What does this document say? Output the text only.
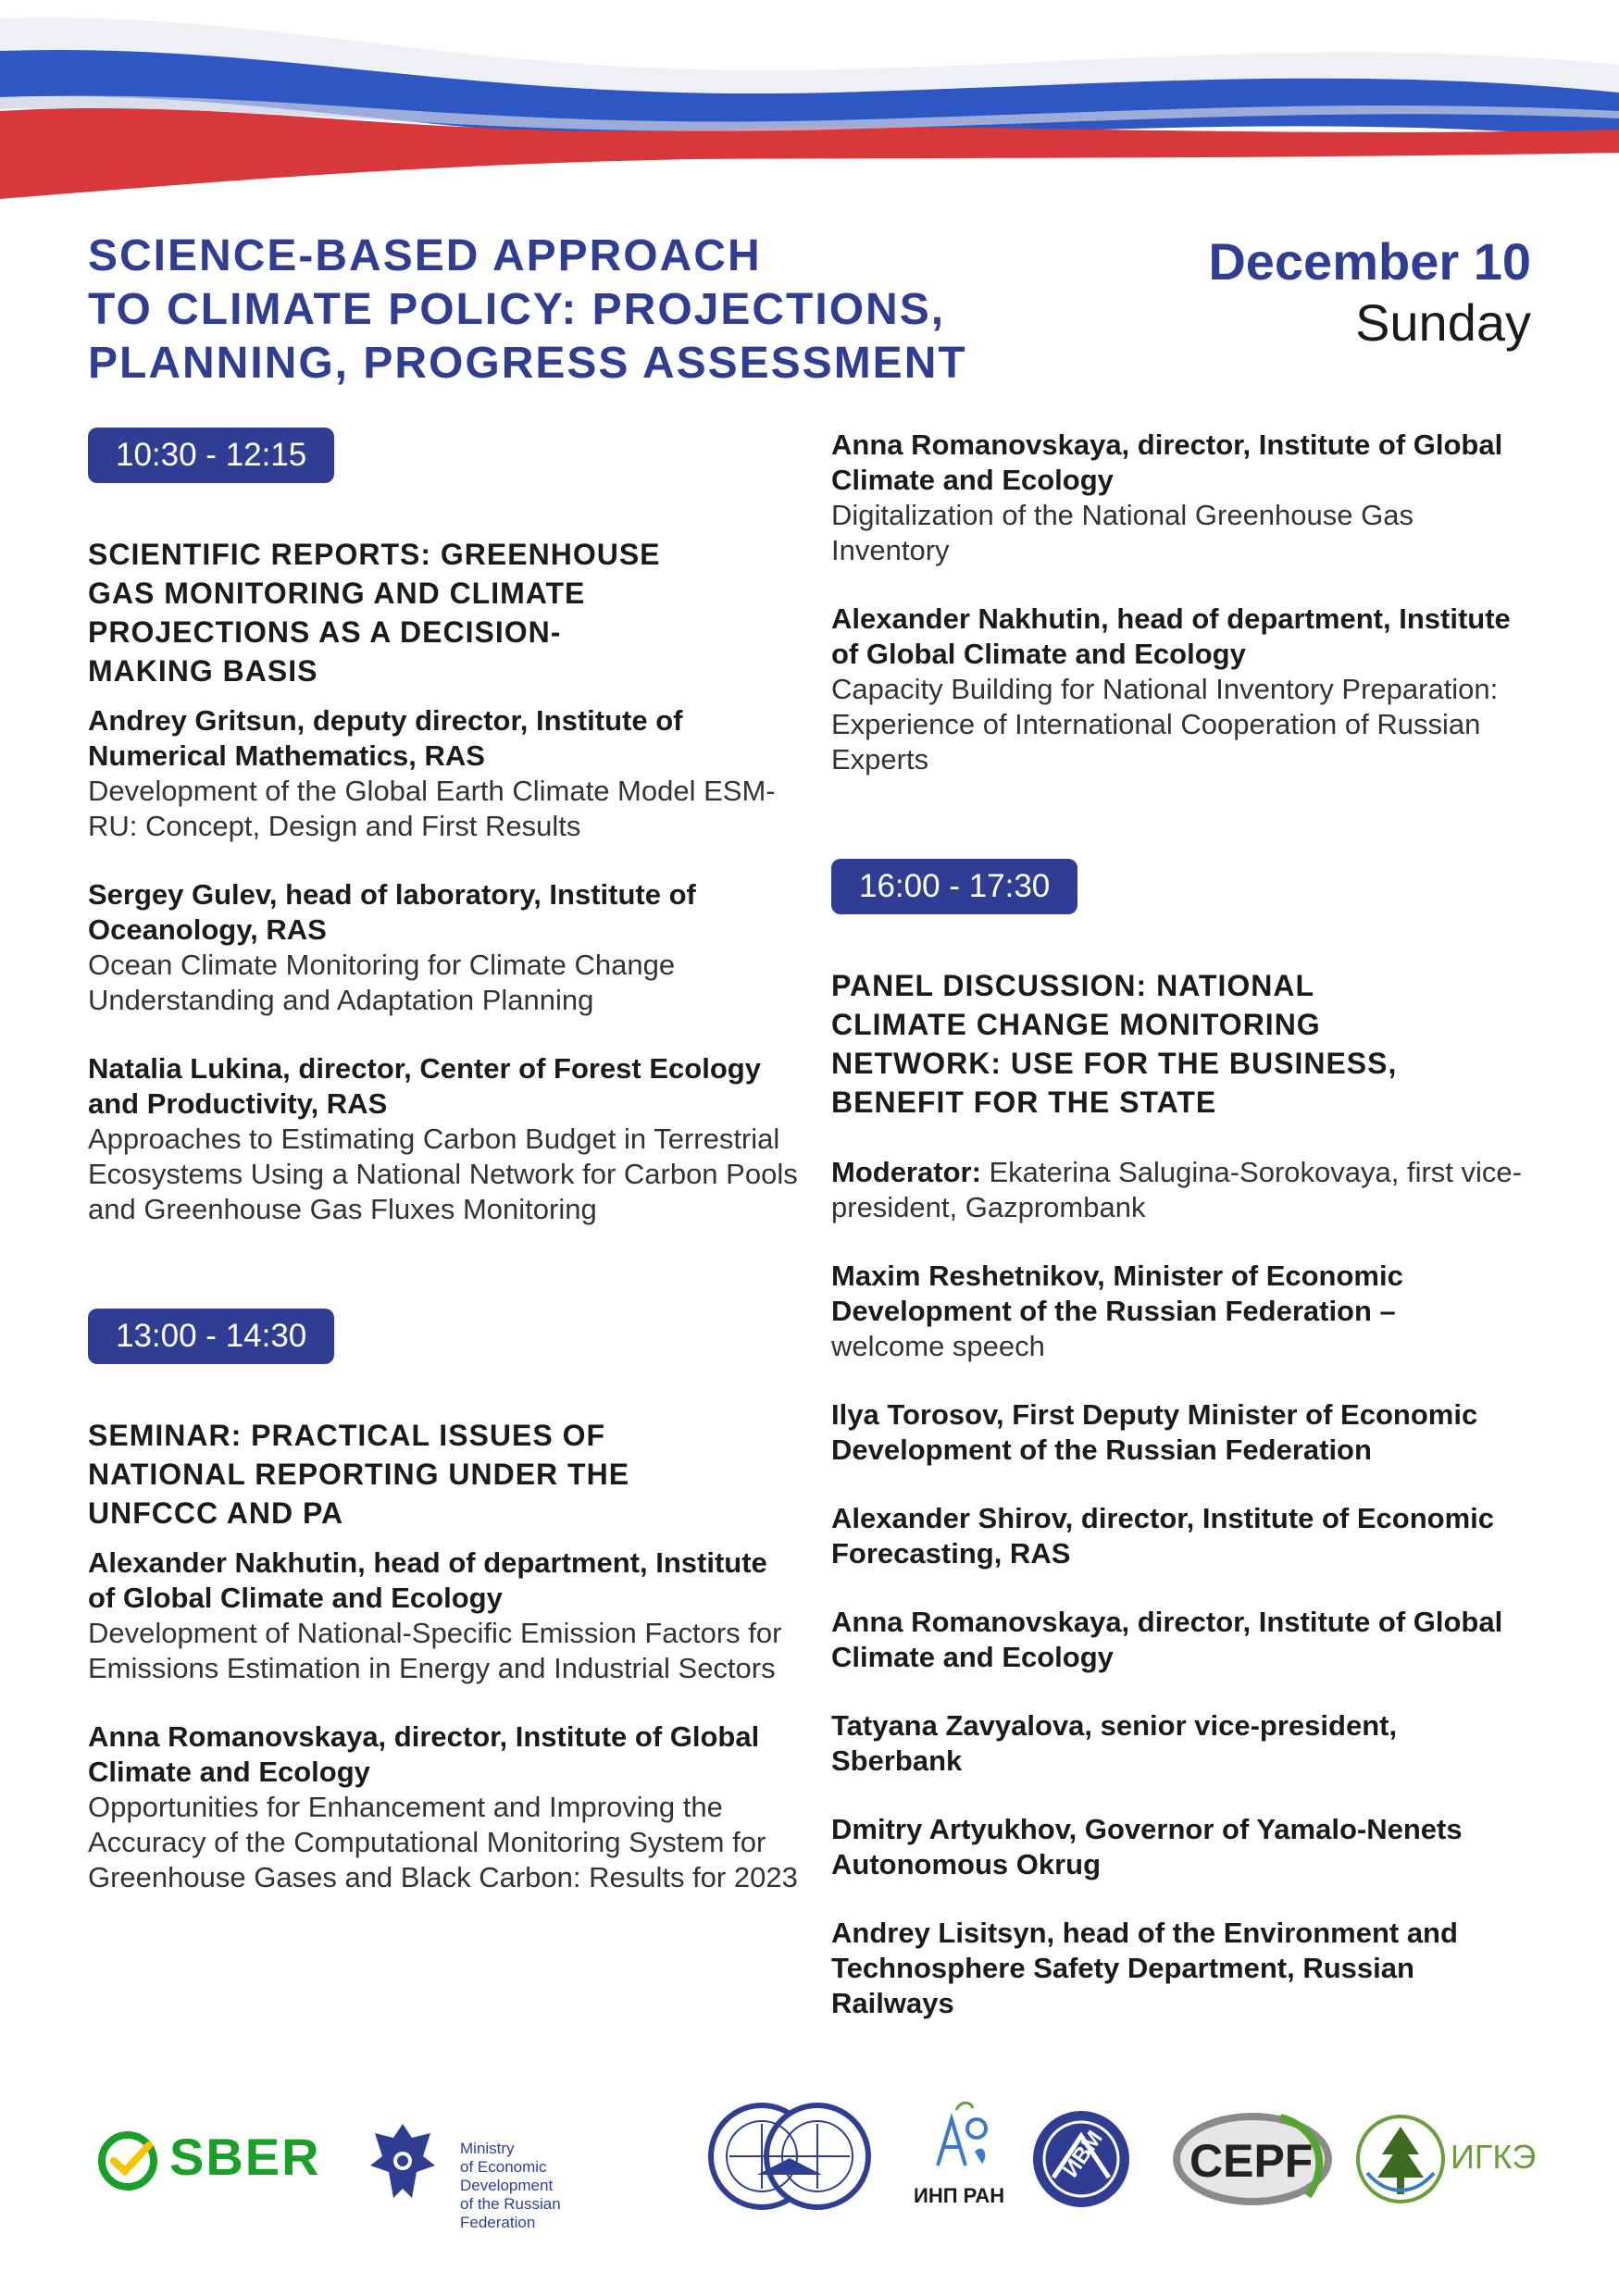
SCIENCE-BASED APPROACH
TO CLIMATE POLICY: PROJECTIONS,
PLANNING, PROGRESS ASSESSMENT
December 10
Sunday
10:30 - 12:15

SCIENTIFIC REPORTS: GREENHOUSE
GAS MONITORING AND CLIMATE
PROJECTIONS AS A DECISION-
MAKING BASIS

Andrey Gritsun, deputy director, Institute of Numerical Mathematics, RAS
Development of the Global Earth Climate Model ESM-RU: Concept, Design and First Results
Sergey Gulev, head of laboratory, Institute of Oceanology, RAS
Ocean Climate Monitoring for Climate Change Understanding and Adaptation Planning
Natalia Lukina, director, Center of Forest Ecology and Productivity, RAS
Approaches to Estimating Carbon Budget in Terrestrial Ecosystems Using a National Network for Carbon Pools and Greenhouse Gas Fluxes Monitoring
13:00 - 14:30

SEMINAR: PRACTICAL ISSUES OF
NATIONAL REPORTING UNDER THE
UNFCCC AND PA

Alexander Nakhutin, head of department, Institute of Global Climate and Ecology
Development of National-Specific Emission Factors for Emissions Estimation in Energy and Industrial Sectors
Anna Romanovskaya, director, Institute of Global Climate and Ecology
Opportunities for Enhancement and Improving the Accuracy of the Computational Monitoring System for Greenhouse Gases and Black Carbon: Results for 2023
Anna Romanovskaya, director, Institute of Global Climate and Ecology
Digitalization of the National Greenhouse Gas Inventory
Alexander Nakhutin, head of department, Institute of Global Climate and Ecology
Capacity Building for National Inventory Preparation: Experience of International Cooperation of Russian Experts
16:00 - 17:30

PANEL DISCUSSION: NATIONAL
CLIMATE CHANGE MONITORING
NETWORK: USE FOR THE BUSINESS,
BENEFIT FOR THE STATE

Moderator: Ekaterina Salugina-Sorokovaya, first vice-president, Gazprombank
Maxim Reshetnikov, Minister of Economic Development of the Russian Federation –
welcome speech
Ilya Torosov, First Deputy Minister of Economic Development of the Russian Federation
Alexander Shirov, director, Institute of Economic Forecasting, RAS
Anna Romanovskaya, director, Institute of Global Climate and Ecology
Tatyana Zavyalova, senior vice-president, Sberbank
Dmitry Artyukhov, Governor of Yamalo-Nenets Autonomous Okrug
Andrey Lisitsyn, head of the Environment and Technosphere Safety Department, Russian Railways
SBER	Ministry
of Economic Development
of the Russian Federation
ИНП РАН
ИВМ CEPF	ИГКЭ
